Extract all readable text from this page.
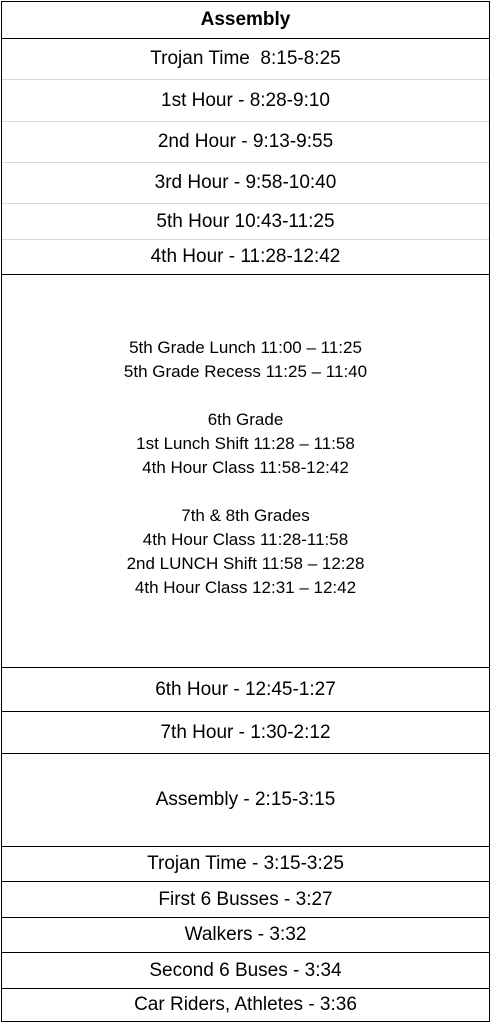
Assembly
Trojan Time  8:15-8:25
1st Hour - 8:28-9:10
2nd Hour - 9:13-9:55
3rd Hour - 9:58-10:40
5th Hour 10:43-11:25
4th Hour - 11:28-12:42
5th Grade Lunch 11:00 – 11:25
5th Grade Recess 11:25 – 11:40
6th Grade
1st Lunch Shift 11:28 – 11:58
4th Hour Class 11:58-12:42
7th & 8th Grades
4th Hour Class 11:28-11:58
2nd LUNCH Shift 11:58 – 12:28
4th Hour Class 12:31 – 12:42
6th Hour - 12:45-1:27
7th Hour - 1:30-2:12
Assembly - 2:15-3:15
Trojan Time - 3:15-3:25
First 6 Busses - 3:27
Walkers - 3:32
Second 6 Buses - 3:34
Car Riders, Athletes - 3:36
